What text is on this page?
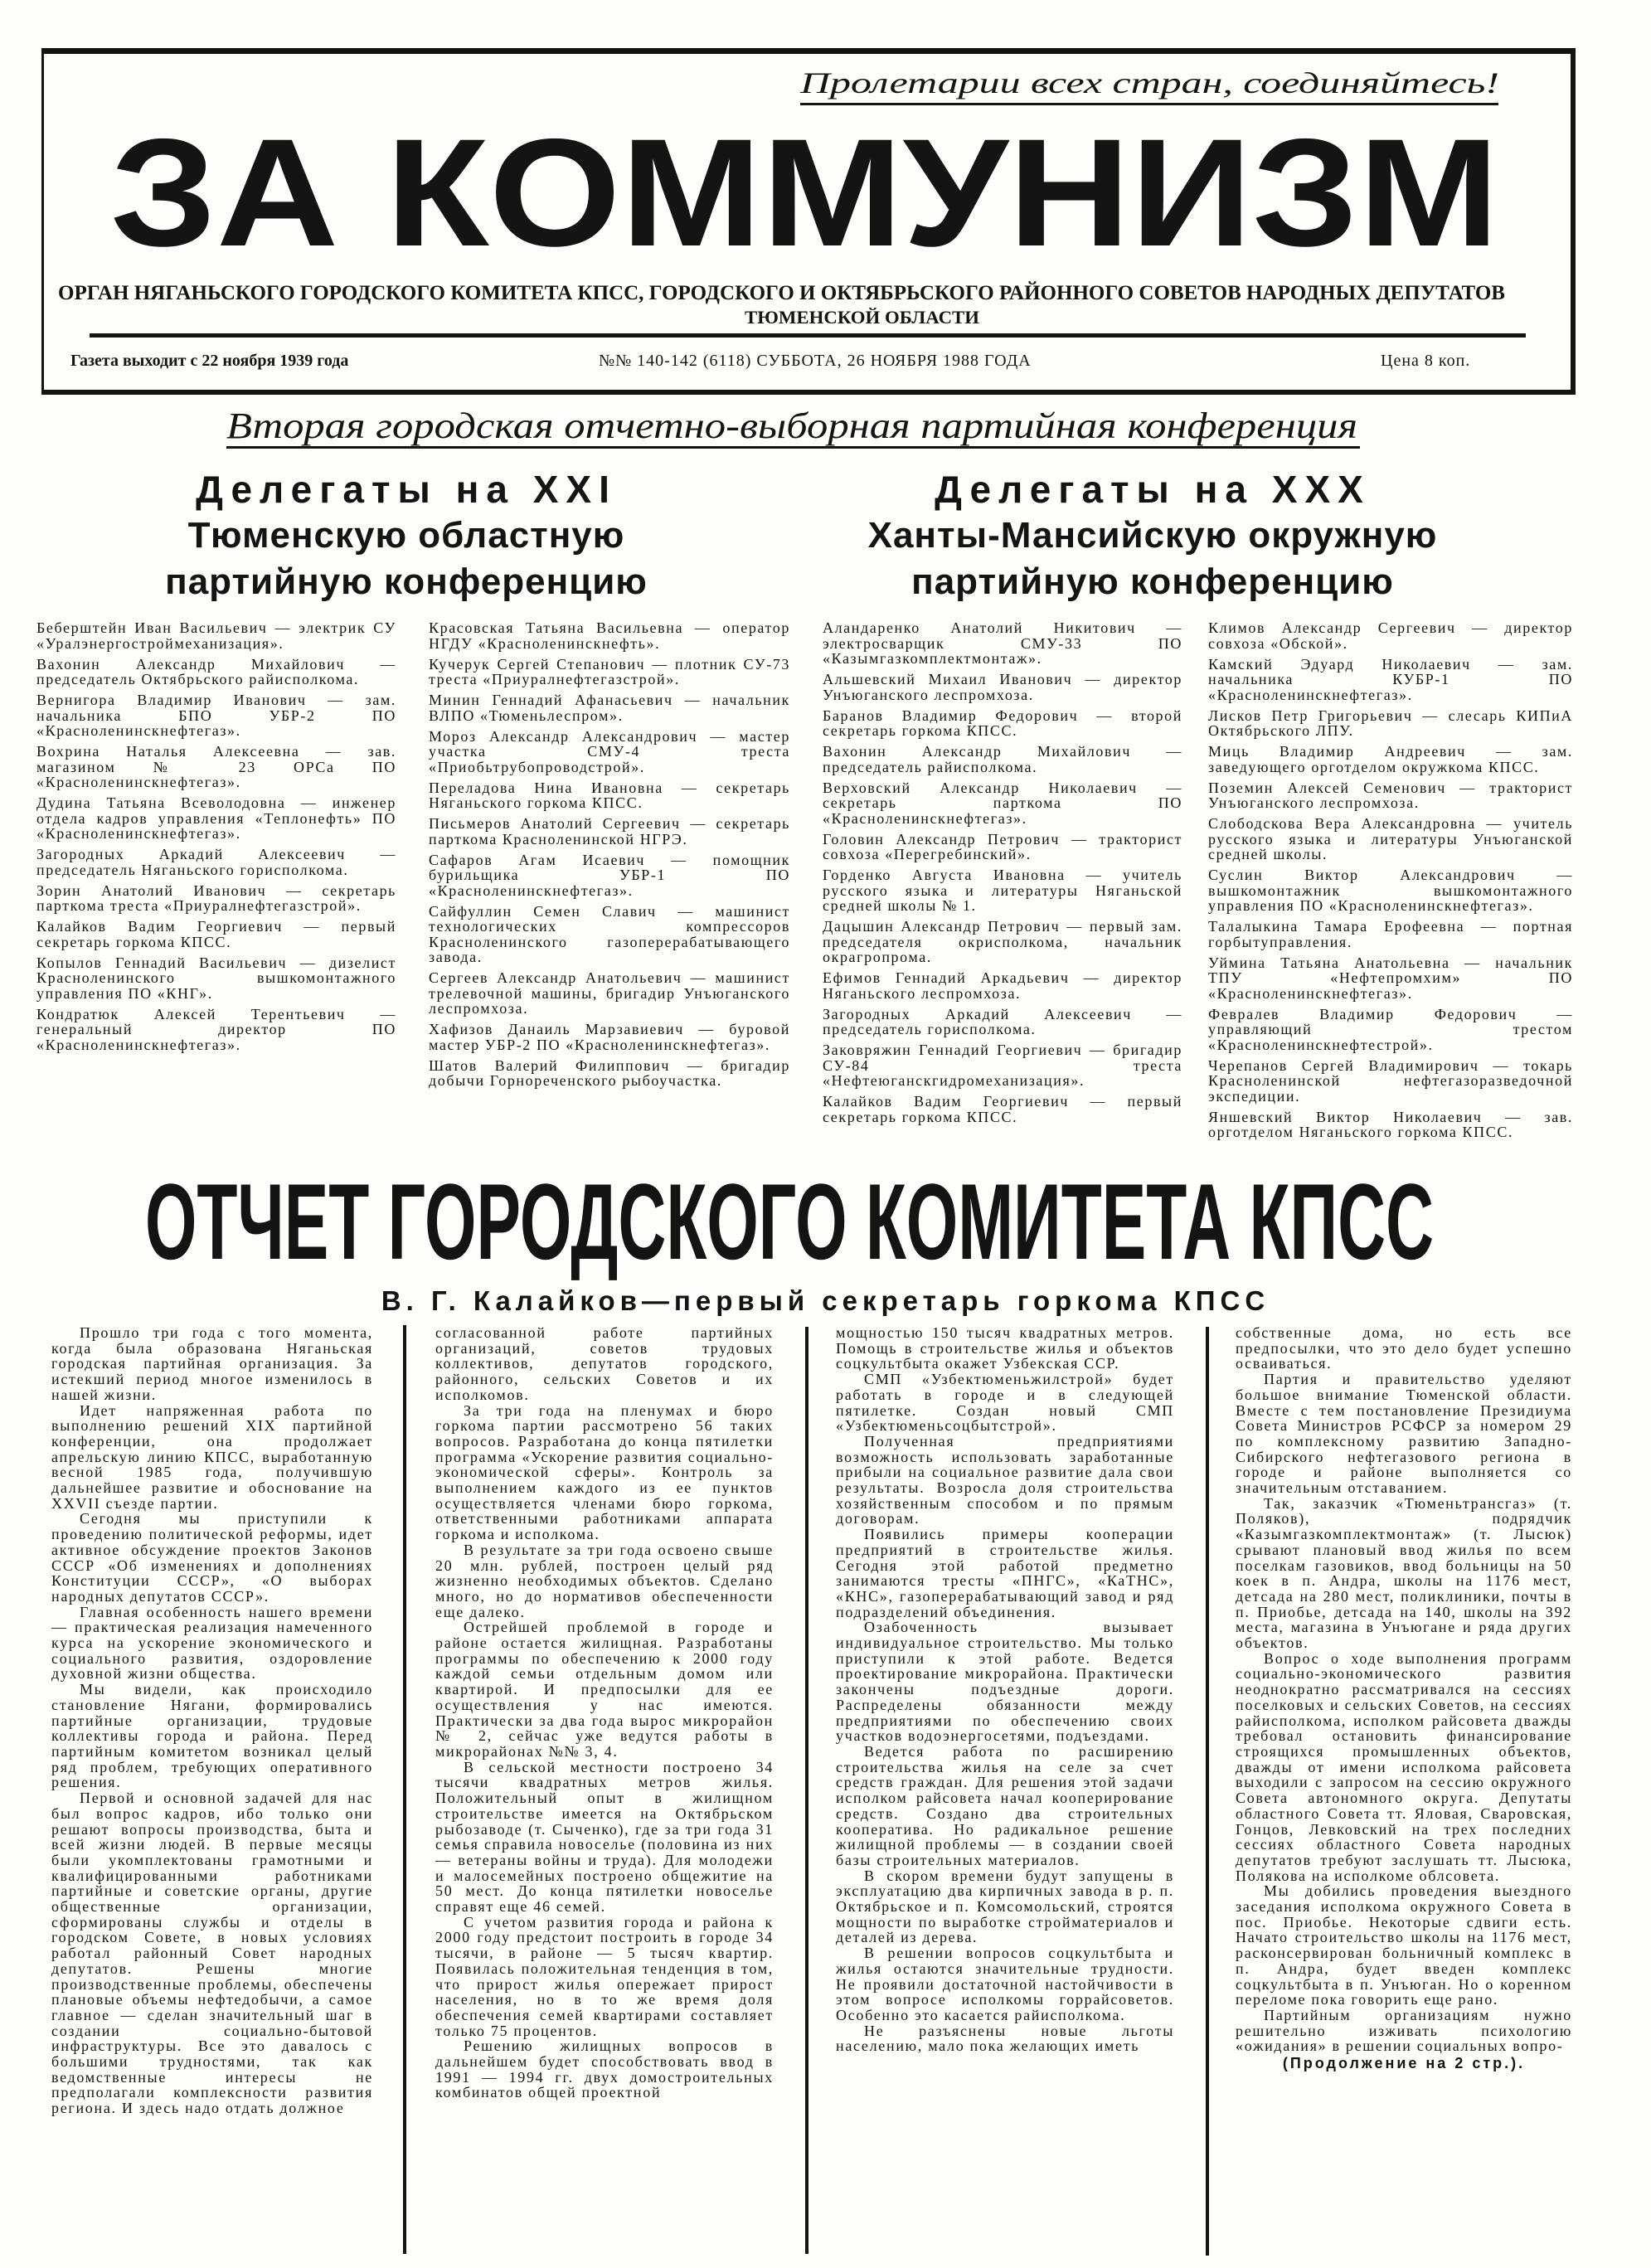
Пролетарии всех стран, соединяйтесь!
ЗА КОММУНИЗМ
ОРГАН НЯГАНЬСКОГО ГОРОДСКОГО КОМИТЕТА КПСС, ГОРОДСКОГО И ОКТЯБРЬСКОГО РАЙОННОГО СОВЕТОВ НАРОДНЫХ ДЕПУТАТОВ
ТЮМЕНСКОЙ ОБЛАСТИ
Вторая городская отчетно-выборная партийная конференция
Газета выходит с 22 ноября 1939 года	№№ 140-142 (6118) СУББОТА, 26 НОЯБРЯ 1988 ГОДА	Цена 8 коп.
Делегаты на XXI
Тюменскую областную
партийную конференцию
Делегаты на XXX
Ханты-Мансийскую окружную
партийную конференцию
Беберштейн Иван Васильевич — электрик СУ «Уралэнергостроймеханизация».
Вахонин Александр Михайлович — председатель Октябрьского райисполкома.
Вернигора Владимир Иванович — зам. начальника БПО УБР-2 ПО «Красноленинскнефтегаз».
Вохрина Наталья Алексеевна — зав. магазином № 23 ОРСа ПО «Красноленинскнефтегаз».
Дудина Татьяна Всеволодовна — инженер отдела кадров управления «Теплонефть» ПО «Красноленинскнефтегаз».
Загородных Аркадий Алексеевич — председатель Няганьского горисполкома.
Зорин Анатолий Иванович — секретарь парткома треста «Приуралнефтегазстрой».
Калайков Вадим Георгиевич — первый секретарь горкома КПСС.
Копылов Геннадий Васильевич — дизелист Красноленинского вышкомонтажного управления ПО «КНГ».
Кондратюк Алексей Терентьевич — генеральный директор ПО «Красноленинскнефтегаз».
Красовская Татьяна Васильевна — оператор НГДУ «Красноленинскнефть».
Кучерук Сергей Степанович — плотник СУ-73 треста «Приуралнефтегазстрой».
Минин Геннадий Афанасьевич — начальник ВЛПО «Тюменьлеспром».
Мороз Александр Александрович — мастер участка СМУ-4 треста «Приобьтрубопроводстрой».
Переладова Нина Ивановна — секретарь Няганьского горкома КПСС.
Письмеров Анатолий Сергеевич — секретарь парткома Красноленинской НГРЭ.
Сафаров Агам Исаевич — помощник бурильщика УБР-1 ПО «Красноленинскнефтегаз».
Сайфуллин Семен Славич — машинист технологических компрессоров Красноленинского газоперерабатывающего завода.
Сергеев Александр Анатольевич — машинист трелевочной машины, бригадир Унъюганского леспромхоза.
Хафизов Данаиль Марзавиевич — буровой мастер УБР-2 ПО «Красноленинскнефтегаз».
Шатов Валерий Филиппович — бригадир добычи Горнореченского рыбоучастка.
Аландаренко Анатолий Никитович — электросварщик СМУ-33 ПО «Казымгазкомплектмонтаж».
Альшевский Михаил Иванович — директор Унъюганского леспромхоза.
Баранов Владимир Федорович — второй секретарь горкома КПСС.
Вахонин Александр Михайлович — председатель райисполкома.
Верховский Александр Николаевич — секретарь парткома ПО «Красноленинскнефтегаз».
Головин Александр Петрович — тракторист совхоза «Перегребинский».
Горденко Августа Ивановна — учитель русского языка и литературы Няганьской средней школы № 1.
Дацышин Александр Петрович — первый зам. председателя окрисполкома, начальник окрагропрома.
Ефимов Геннадий Аркадьевич — директор Няганьского леспромхоза.
Загородных Аркадий Алексеевич — председатель горисполкома.
Заковряжин Геннадий Георгиевич — бригадир СУ-84 треста «Нефтеюганскгидромеханизация».
Калайков Вадим Георгиевич — первый секретарь горкома КПСС.
Климов Александр Сергеевич — директор совхоза «Обской».
Камский Эдуард Николаевич — зам. начальника КУБР-1 ПО «Красноленинскнефтегаз».
Лисков Петр Григорьевич — слесарь КИПиА Октябрьского ЛПУ.
Миць Владимир Андреевич — зам. заведующего орготделом окружкома КПСС.
Поземин Алексей Семенович — тракторист Унъюганского леспромхоза.
Слободскова Вера Александровна — учитель русского языка и литературы Унъюганской средней школы.
Суслин Виктор Александрович — вышкомонтажник вышкомонтажного управления ПО «Красноленинскнефтегаз».
Талалыкина Тамара Ерофеевна — портная горбытуправления.
Уймина Татьяна Анатольевна — начальник ТПУ «Нефтепромхим» ПО «Красноленинскнефтегаз».
Февралев Владимир Федорович — управляющий трестом «Красноленинскнефтестрой».
Черепанов Сергей Владимирович — токарь Красноленинской нефтегазоразведочной экспедиции.
Яншевский Виктор Николаевич — зав. орготделом Няганьского горкома КПСС.
ОТЧЕТ ГОРОДСКОГО КОМИТЕТА КПСС
В. Г. Калайков—первый секретарь горкома КПСС

Прошло три года с того момента, когда была образована Няганьская городская партийная организация. За истекший период многое изменилось в нашей жизни.

Идет напряженная работа по выполнению решений XIX партийной конференции, она продолжает апрельскую линию КПСС, выработанную весной 1985 года, получившую дальнейшее развитие и обоснование на XXVII съезде партии.

Сегодня мы приступили к проведению политической реформы, идет активное обсуждение проектов Законов СССР «Об изменениях и дополнениях Конституции СССР», «О выборах народных депутатов СССР».

Главная особенность нашего времени — практическая реализация намеченного курса на ускорение экономического и социального развития, оздоровление духовной жизни общества.

Мы видели, как происходило становление Нягани, формировались партийные организации, трудовые коллективы города и района. Перед партийным комитетом возникал целый ряд проблем, требующих оперативного решения.

Первой и основной задачей для нас был вопрос кадров, ибо только они решают вопросы производства, быта и всей жизни людей. В первые месяцы были укомплектованы грамотными и квалифицированными работниками партийные и советские органы, другие общественные организации, сформированы службы и отделы в городском Совете, в новых условиях работал районный Совет народных депутатов. Решены многие производственные проблемы, обеспечены плановые объемы нефтедобычи, а самое главное — сделан значительный шаг в создании социально-бытовой инфраструктуры. Все это давалось с большими трудностями, так как ведомственные интересы не предполагали комплексности развития региона. И здесь надо отдать должное

согласованной работе партийных организаций, советов трудовых коллективов, депутатов городского, районного, сельских Советов и их исполкомов.

За три года на пленумах и бюро горкома партии рассмотрено 56 таких вопросов. Разработана до конца пятилетки программа «Ускорение развития социально-экономической сферы». Контроль за выполнением каждого из ее пунктов осуществляется членами бюро горкома, ответственными работниками аппарата горкома и исполкома.

В результате за три года освоено свыше 20 млн. рублей, построен целый ряд жизненно необходимых объектов. Сделано много, но до нормативов обеспеченности еще далеко.

Острейшей проблемой в городе и районе остается жилищная. Разработаны программы по обеспечению к 2000 году каждой семьи отдельным домом или квартирой. И предпосылки для ее осуществления у нас имеются. Практически за два года вырос микрорайон № 2, сейчас уже ведутся работы в микрорайонах №№ 3, 4.

В сельской местности построено 34 тысячи квадратных метров жилья. Положительный опыт в жилищном строительстве имеется на Октябрьском рыбозаводе (т. Сыченко), где за три года 31 семья справила новоселье (половина из них — ветераны войны и труда). Для молодежи и малосемейных построено общежитие на 50 мест. До конца пятилетки новоселье справят еще 46 семей.

С учетом развития города и района к 2000 году предстоит построить в городе 34 тысячи, в районе — 5 тысяч квартир. Появилась положительная тенденция в том, что прирост жилья опережает прирост населения, но в то же время доля обеспечения семей квартирами составляет только 75 процентов.

Решению жилищных вопросов в дальнейшем будет способствовать ввод в 1991 — 1994 гг. двух домостроительных комбинатов общей проектной

мощностью 150 тысяч квадратных метров. Помощь в строительстве жилья и объектов соцкультбыта окажет Узбекская ССР.

СМП «Узбектюменьжилстрой» будет работать в городе и в следующей пятилетке. Создан новый СМП «Узбектюменьсоцбытстрой».

Полученная предприятиями возможность использовать заработанные прибыли на социальное развитие дала свои результаты. Возросла доля строительства хозяйственным способом и по прямым договорам.

Появились примеры кооперации предприятий в строительстве жилья. Сегодня этой работой предметно занимаются тресты «ПНГС», «КаТНС», «КНС», газоперерабатывающий завод и ряд подразделений объединения.

Озабоченность вызывает индивидуальное строительство. Мы только приступили к этой работе. Ведется проектирование микрорайона. Практически закончены подъездные дороги. Распределены обязанности между предприятиями по обеспечению своих участков водоэнергосетями, подъездами.

Ведется работа по расширению строительства жилья на селе за счет средств граждан. Для решения этой задачи исполком райсовета начал кооперирование средств. Создано два строительных кооператива. Но радикальное решение жилищной проблемы — в создании своей базы строительных материалов.

В скором времени будут запущены в эксплуатацию два кирпичных завода в р. п. Октябрьское и п. Комсомольский, строятся мощности по выработке стройматериалов и деталей из дерева.

В решении вопросов соцкультбыта и жилья остаются значительные трудности. Не проявили достаточной настойчивости в этом вопросе исполкомы горрайсоветов. Особенно это касается райисполкома.

Не разъяснены новые льготы населению, мало пока желающих иметь

собственные дома, но есть все предпосылки, что это дело будет успешно осваиваться.

Партия и правительство уделяют большое внимание Тюменской области. Вместе с тем постановление Президиума Совета Министров РСФСР за номером 29 по комплексному развитию Западно-Сибирского нефтегазового региона в городе и районе выполняется со значительным отставанием.

Так, заказчик «Тюменьтрансгаз» (т. Поляков), подрядчик «Казымгазкомплектмонтаж» (т. Лысюк) срывают плановый ввод жилья по всем поселкам газовиков, ввод больницы на 50 коек в п. Андра, школы на 1176 мест, детсада на 280 мест, поликлиники, почты в п. Приобье, детсада на 140, школы на 392 места, магазина в Унъюгане и ряда других объектов.

Вопрос о ходе выполнения программ социально-экономического развития неоднократно рассматривался на сессиях поселковых и сельских Советов, на сессиях райисполкома, исполком райсовета дважды требовал остановить финансирование строящихся промышленных объектов, дважды от имени исполкома райсовета выходили с запросом на сессию окружного Совета автономного округа. Депутаты областного Совета тт. Яловая, Сваровская, Гонцов, Левковский на трех последних сессиях областного Совета народных депутатов требуют заслушать тт. Лысюка, Полякова на исполкоме облсовета.

Мы добились проведения выездного заседания исполкома окружного Совета в пос. Приобье. Некоторые сдвиги есть. Начато строительство школы на 1176 мест, расконсервирован больничный комплекс в п. Андра, будет введен комплекс соцкультбыта в п. Унъюган. Но о коренном переломе пока говорить еще рано.

Партийным организациям нужно решительно изживать психологию «ожидания» в решении социальных вопро-

(Продолжение на 2 стр.).
